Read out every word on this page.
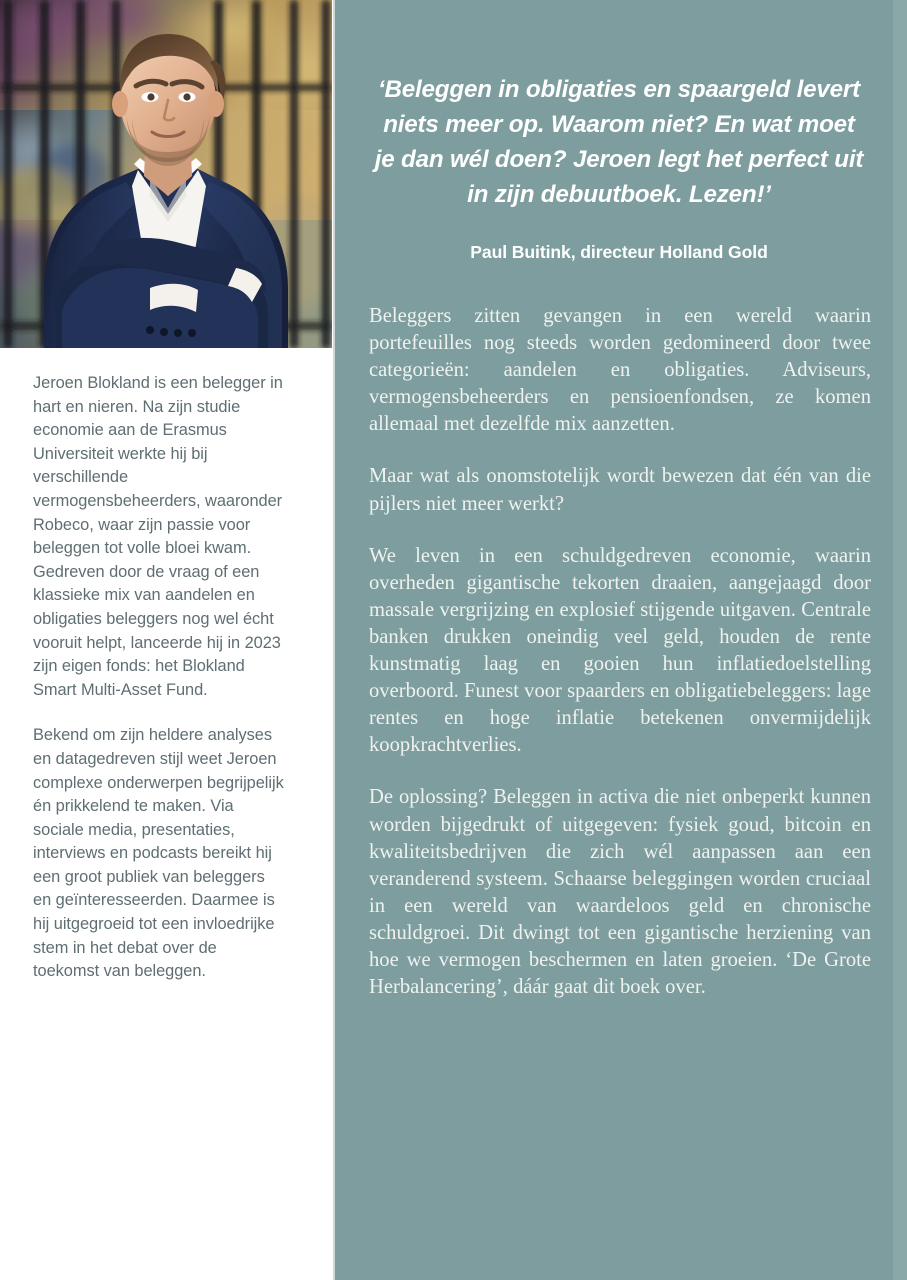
Jeroen Blokland is een belegger in hart en nieren. Na zijn studie economie aan de Erasmus Universiteit werkte hij bij verschillende vermogensbeheerders, waaronder Robeco, waar zijn passie voor beleggen tot volle bloei kwam. Gedreven door de vraag of een klassieke mix van aandelen en obligaties beleggers nog wel écht vooruit helpt, lanceerde hij in 2023 zijn eigen fonds: het Blokland Smart Multi-Asset Fund.

Bekend om zijn heldere analyses en datagedreven stijl weet Jeroen complexe onderwerpen begrijpelijk én prikkelend te maken. Via sociale media, presentaties, interviews en podcasts bereikt hij een groot publiek van beleggers en geïnteresseerden. Daarmee is hij uitgegroeid tot een invloedrijke stem in het debat over de toekomst van beleggen.

‘Beleggen in obligaties en spaargeld levert niets meer op. Waarom niet? En wat moet je dan wél doen? Jeroen legt het perfect uit in zijn debuutboek. Lezen!’

Paul Buitink, directeur Holland Gold

Beleggers zitten gevangen in een wereld waarin portefeuilles nog steeds worden gedomineerd door twee categorieën: aandelen en obligaties. Adviseurs, vermogensbeheerders en pensioenfondsen, ze komen allemaal met dezelfde mix aanzetten.

Maar wat als onomstotelijk wordt bewezen dat één van die pijlers niet meer werkt?

We leven in een schuldgedreven economie, waarin overheden gigantische tekorten draaien, aangejaagd door massale vergrijzing en explosief stijgende uitgaven. Centrale banken drukken oneindig veel geld, houden de rente kunstmatig laag en gooien hun inflatiedoelstelling overboord. Funest voor spaarders en obligatiebeleggers: lage rentes en hoge inflatie betekenen onvermijdelijk koopkrachtverlies.

De oplossing? Beleggen in activa die niet onbeperkt kunnen worden bijgedrukt of uitgegeven: fysiek goud, bitcoin en kwaliteitsbedrijven die zich wél aanpassen aan een veranderend systeem. Schaarse beleggingen worden cruciaal in een wereld van waardeloos geld en chronische schuldgroei. Dit dwingt tot een gigantische herziening van hoe we vermogen beschermen en laten groeien. ‘De Grote Herbalancering’, dáár gaat dit boek over.
